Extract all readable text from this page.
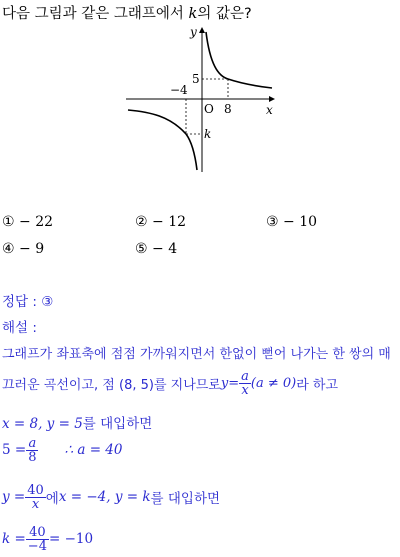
다음 그림과 같은 그래프에서 k의 값은?
y
x
O
5
−4
8
k
① − 22	② − 12	③ − 10
④ − 9	⑤ − 4
정답 : ③
해설 :
그래프가 좌표축에 점점 가까워지면서 한없이 뻗어 나가는 한 쌍의 매
끄러운 곡선이고, 점 (8, 5)를 지나므로 $y = \frac{a}{x} (a \ne 0)$ 라 하고
x = 8, y = 5를 대입하면
$5 = \frac{a}{8}$ ∴ a = 40
$y = \frac{40}{x}$ 에 x = −4, y = k 를 대입하면
$k = \frac{40}{-4} = -10$
